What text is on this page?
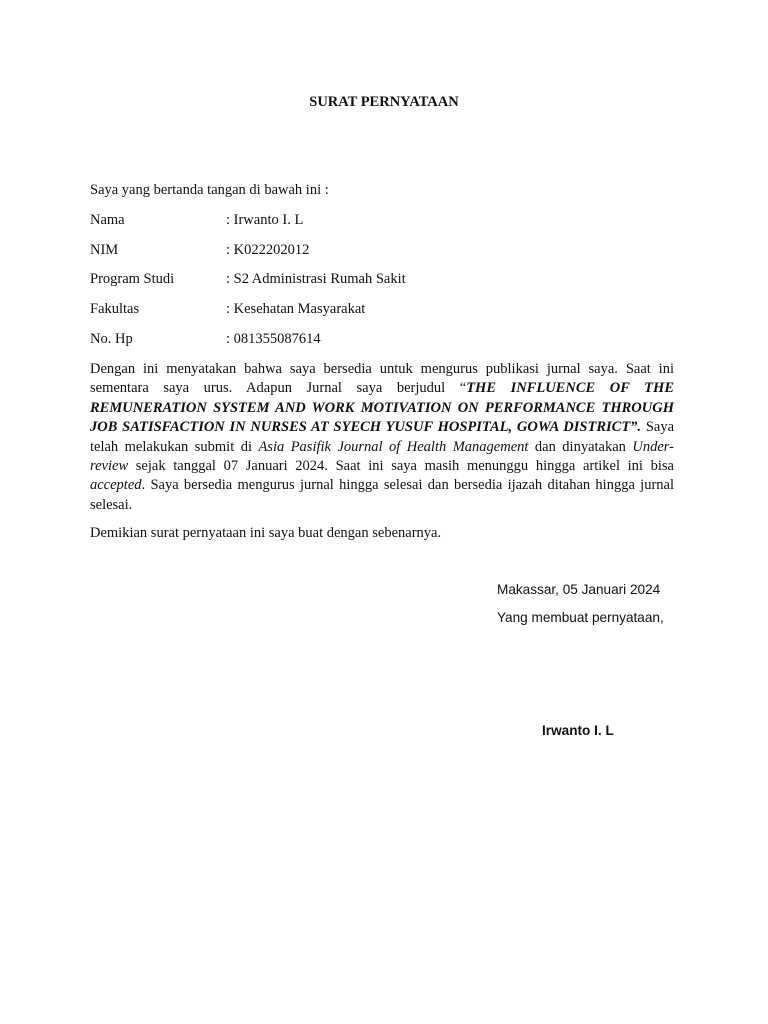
SURAT PERNYATAAN
Saya yang bertanda tangan di bawah ini :
Nama	: Irwanto I. L
NIM	: K022202012
Program Studi	: S2 Administrasi Rumah Sakit
Fakultas	: Kesehatan Masyarakat
No. Hp	: 081355087614
Dengan ini menyatakan bahwa saya bersedia untuk mengurus publikasi jurnal saya. Saat ini sementara saya urus. Adapun Jurnal saya berjudul “THE INFLUENCE OF THE REMUNERATION SYSTEM AND WORK MOTIVATION ON PERFORMANCE THROUGH JOB SATISFACTION IN NURSES AT SYECH YUSUF HOSPITAL, GOWA DISTRICT”. Saya telah melakukan submit di Asia Pasifik Journal of Health Management dan dinyatakan Under-review sejak tanggal 07 Januari 2024. Saat ini saya masih menunggu hingga artikel ini bisa accepted. Saya bersedia mengurus jurnal hingga selesai dan bersedia ijazah ditahan hingga jurnal selesai.
Demikian surat pernyataan ini saya buat dengan sebenarnya.
Makassar, 05 Januari 2024
Yang membuat pernyataan,
Irwanto I. L
